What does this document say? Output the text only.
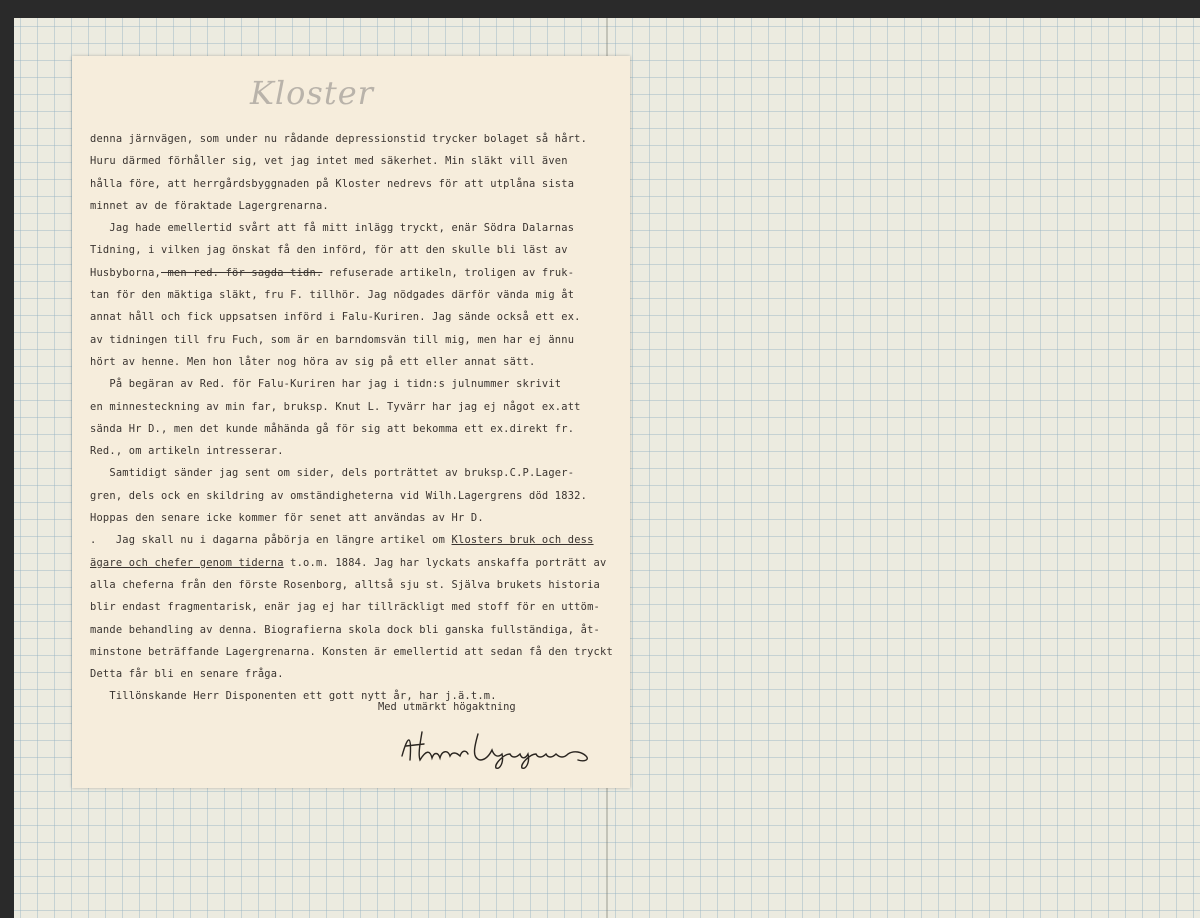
Kloster
denna järnvägen, som under nu rådande depressionstid trycker bolaget så hårt.
Huru därmed förhåller sig, vet jag intet med säkerhet. Min släkt vill även
hålla före, att herrgårdsbyggnaden på Kloster nedrevs för att utplåna sista
minnet av de föraktade Lagergrenarna.
Jag hade emellertid svårt att få mitt inlägg tryckt, enär Södra Dalarnas
Tidning, i vilken jag önskat få den införd, för att den skulle bli läst av
Husbyborna, men red. för sagda tidn. refuserade artikeln, troligen av fruk-
tan för den mäktiga släkt, fru F. tillhör. Jag nödgades därför vända mig åt
annat håll och fick uppsatsen införd i Falu-Kuriren. Jag sände också ett ex.
av tidningen till fru Fuch, som är en barndomsvän till mig, men har ej ännu
hört av henne. Men hon låter nog höra av sig på ett eller annat sätt.
På begäran av Red. för Falu-Kuriren har jag i tidn:s julnummer skrivit
en minnesteckning av min far, bruksp. Knut L. Tyvärr har jag ej något ex.att
sända Hr D., men det kunde måhända gå för sig att bekomma ett ex.direkt fr.
Red., om artikeln intresserar.
Samtidigt sänder jag sent om sider, dels porträttet av bruksp.C.P.Lager-
gren, dels ock en skildring av omständigheterna vid Wilh.Lagergrens död 1832.
Hoppas den senare icke kommer för senet att användas av Hr D.
.   Jag skall nu i dagarna påbörja en längre artikel om Klosters bruk och dess
ägare och chefer genom tiderna t.o.m. 1884. Jag har lyckats anskaffa porträtt av
alla cheferna från den förste Rosenborg, alltså sju st. Själva brukets historia
blir endast fragmentarisk, enär jag ej har tillräckligt med stoff för en uttöm-
mande behandling av denna. Biografierna skola dock bli ganska fullständiga, åt-
minstone beträffande Lagergrenarna. Konsten är emellertid att sedan få den tryckt
Detta får bli en senare fråga.
Tillönskande Herr Disponenten ett gott nytt år, har j.ä.t.m.
Med utmärkt högaktning
